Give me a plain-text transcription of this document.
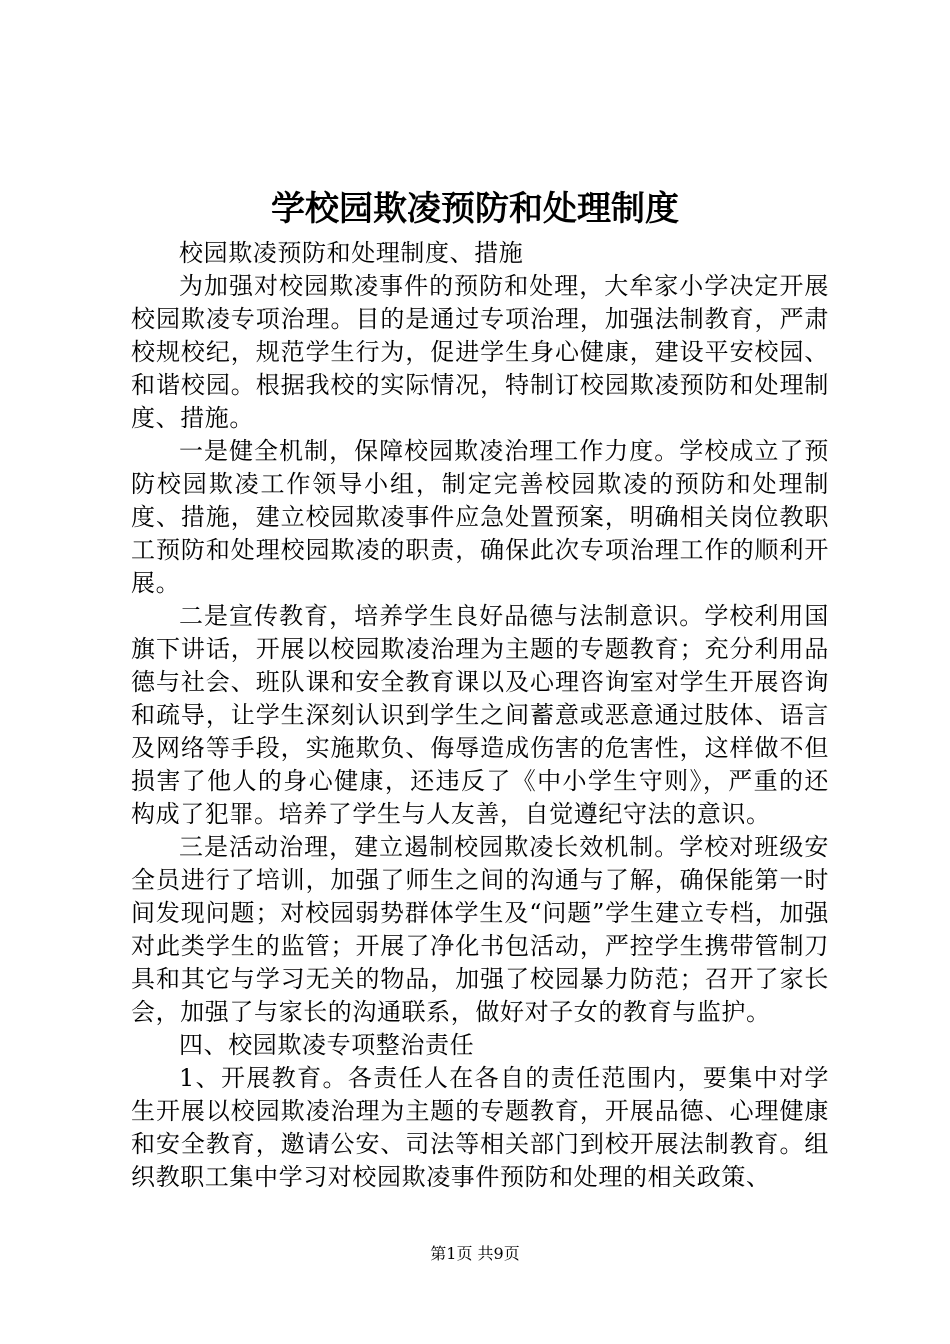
学校园欺凌预防和处理制度

校园欺凌预防和处理制度、措施

为加强对校园欺凌事件的预防和处理，大牟家小学决定开展校园欺凌专项治理。目的是通过专项治理，加强法制教育，严肃校规校纪，规范学生行为，促进学生身心健康，建设平安校园、和谐校园。根据我校的实际情况，特制订校园欺凌预防和处理制度、措施。

一是健全机制，保障校园欺凌治理工作力度。学校成立了预防校园欺凌工作领导小组，制定完善校园欺凌的预防和处理制度、措施，建立校园欺凌事件应急处置预案，明确相关岗位教职工预防和处理校园欺凌的职责，确保此次专项治理工作的顺利开展。

二是宣传教育，培养学生良好品德与法制意识。学校利用国旗下讲话，开展以校园欺凌治理为主题的专题教育；充分利用品德与社会、班队课和安全教育课以及心理咨询室对学生开展咨询和疏导，让学生深刻认识到学生之间蓄意或恶意通过肢体、语言及网络等手段，实施欺负、侮辱造成伤害的危害性，这样做不但损害了他人的身心健康，还违反了《中小学生守则》，严重的还构成了犯罪。培养了学生与人友善，自觉遵纪守法的意识。

三是活动治理，建立遏制校园欺凌长效机制。学校对班级安全员进行了培训，加强了师生之间的沟通与了解，确保能第一时间发现问题；对校园弱势群体学生及“问题”学生建立专档，加强对此类学生的监管；开展了净化书包活动，严控学生携带管制刀具和其它与学习无关的物品，加强了校园暴力防范；召开了家长会，加强了与家长的沟通联系，做好对子女的教育与监护。

四、校园欺凌专项整治责任

1、开展教育。各责任人在各自的责任范围内，要集中对学生开展以校园欺凌治理为主题的专题教育，开展品德、心理健康和安全教育，邀请公安、司法等相关部门到校开展法制教育。组织教职工集中学习对校园欺凌事件预防和处理的相关政策、

第1页 共9页
